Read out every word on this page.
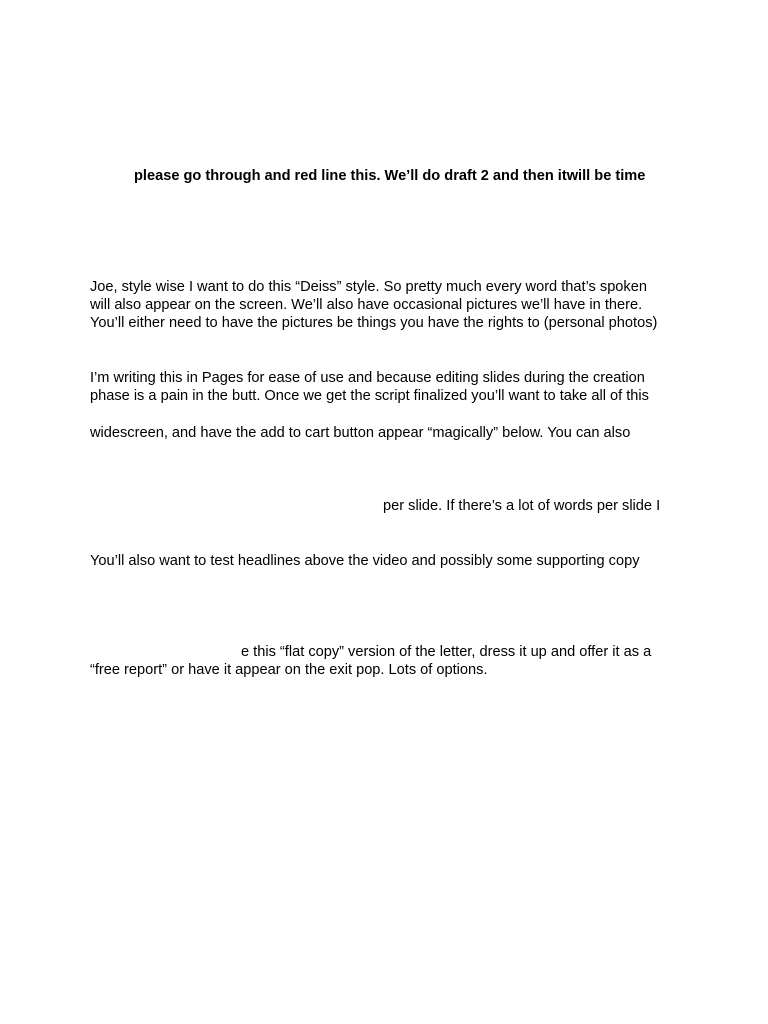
please go through and red line this. We’ll do draft 2 and then itwill be time
Joe, style wise I want to do this “Deiss” style. So pretty much every word that’s spoken
will also appear on the screen. We’ll also have occasional pictures we’ll have in there.
You’ll either need to have the pictures be things you have the rights to (personal photos)
I’m writing this in Pages for ease of use and because editing slides during the creation
phase is a pain in the butt. Once we get the script finalized you’ll want to take all of this
widescreen, and have the add to cart button appear “magically” below. You can also
per slide. If there’s a lot of words per slide I
You’ll also want to test headlines above the video and possibly some supporting copy
e this “flat copy” version of the letter, dress it up and offer it as a
“free report” or have it appear on the exit pop. Lots of options.
